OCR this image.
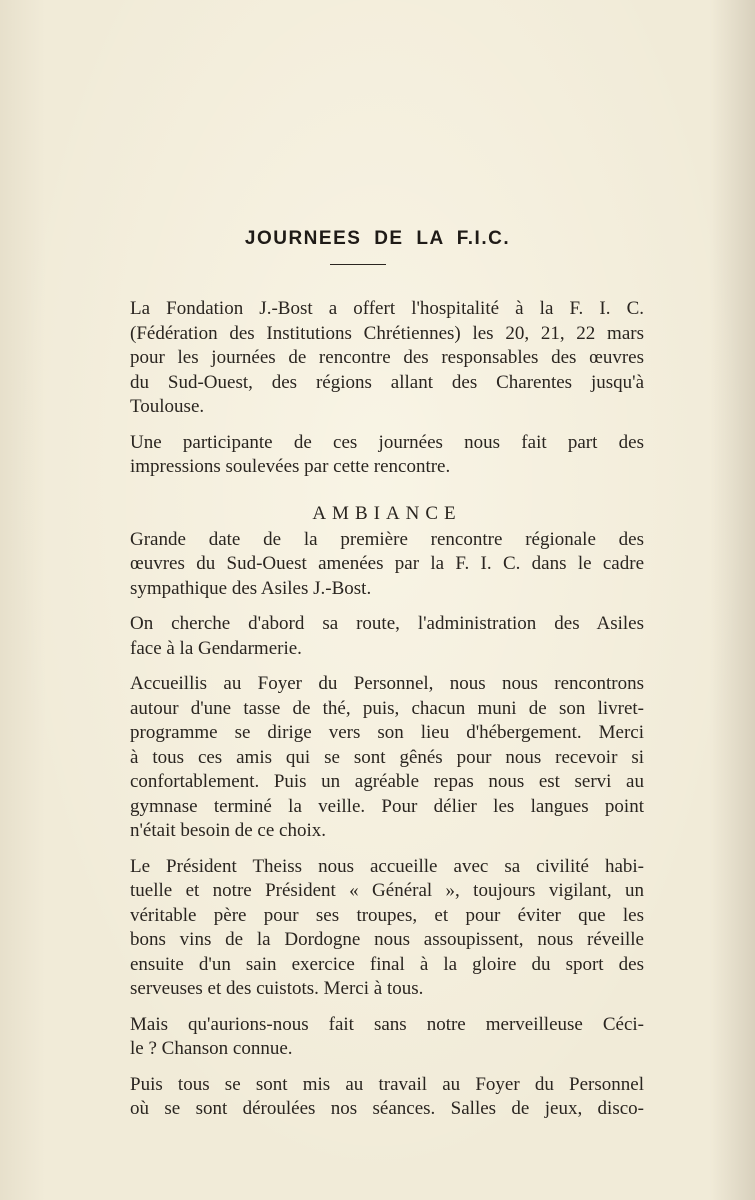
JOURNEES DE LA F.I.C.

La Fondation J.-Bost a offert l'hospitalité à la F. I. C.
(Fédération des Institutions Chrétiennes) les 20, 21, 22 mars
pour les journées de rencontre des responsables des œuvres
du Sud-Ouest, des régions allant des Charentes jusqu'à
Toulouse.

Une participante de ces journées nous fait part des
impressions soulevées par cette rencontre.

AMBIANCE

Grande date de la première rencontre régionale des
œuvres du Sud-Ouest amenées par la F. I. C. dans le cadre
sympathique des Asiles J.-Bost.

On cherche d'abord sa route, l'administration des Asiles
face à la Gendarmerie.

Accueillis au Foyer du Personnel, nous nous rencontrons
autour d'une tasse de thé, puis, chacun muni de son livret-
programme se dirige vers son lieu d'hébergement. Merci
à tous ces amis qui se sont gênés pour nous recevoir si
confortablement. Puis un agréable repas nous est servi au
gymnase terminé la veille. Pour délier les langues point
n'était besoin de ce choix.

Le Président Theiss nous accueille avec sa civilité habi-
tuelle et notre Président « Général », toujours vigilant, un
véritable père pour ses troupes, et pour éviter que les
bons vins de la Dordogne nous assoupissent, nous réveille
ensuite d'un sain exercice final à la gloire du sport des
serveuses et des cuistots. Merci à tous.

Mais qu'aurions-nous fait sans notre merveilleuse Céci-
le ? Chanson connue.

Puis tous se sont mis au travail au Foyer du Personnel
où se sont déroulées nos séances. Salles de jeux, disco-
